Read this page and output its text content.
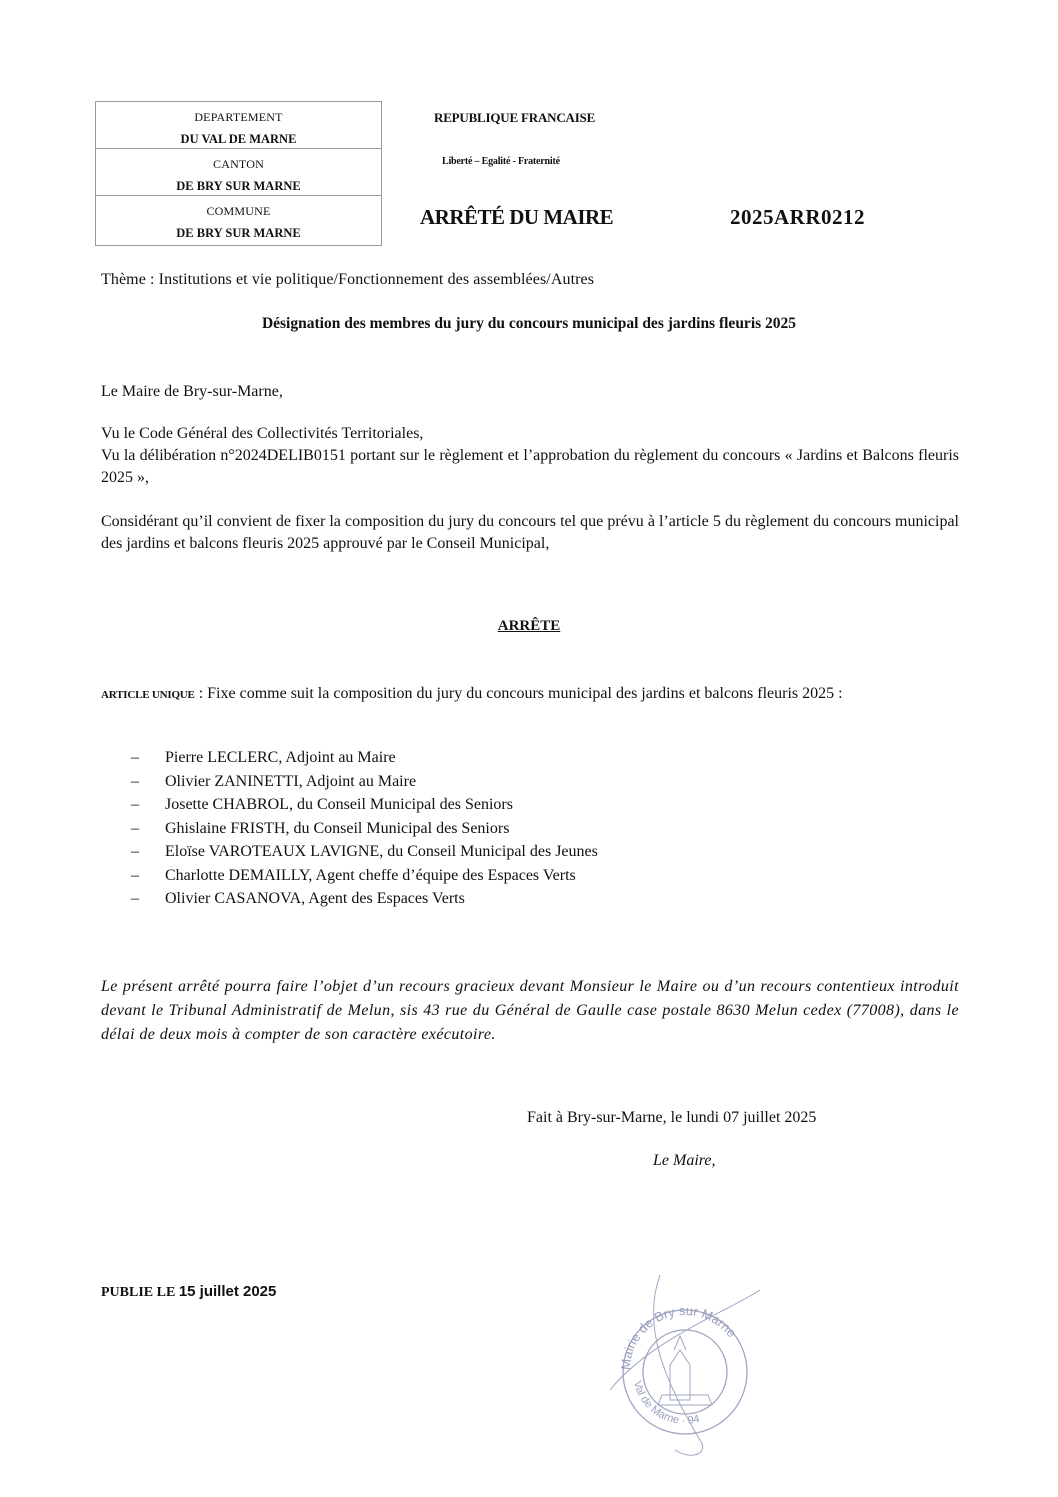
DEPARTEMENT
DU VAL DE MARNE
CANTON
DE BRY SUR MARNE
COMMUNE
DE BRY SUR MARNE
REPUBLIQUE FRANCAISE
Liberté – Egalité - Fraternité
ARRÊTÉ DU MAIRE	2025ARR0212
Thème : Institutions et vie politique/Fonctionnement des assemblées/Autres
Désignation des membres du jury du concours municipal des jardins fleuris 2025
Le Maire de Bry-sur-Marne,
Vu le Code Général des Collectivités Territoriales,
Vu la délibération n°2024DELIB0151 portant sur le règlement et l’approbation du règlement du concours « Jardins et Balcons fleuris 2025 »,
Considérant qu’il convient de fixer la composition du jury du concours tel que prévu à l’article 5 du règlement du concours municipal des jardins et balcons fleuris 2025 approuvé par le Conseil Municipal,
ARRÊTE
ARTICLE UNIQUE : Fixe comme suit la composition du jury du concours municipal des jardins et balcons fleuris 2025 :
– Pierre LECLERC, Adjoint au Maire
– Olivier ZANINETTI, Adjoint au Maire
– Josette CHABROL, du Conseil Municipal des Seniors
– Ghislaine FRISTH, du Conseil Municipal des Seniors
– Eloïse VAROTEAUX LAVIGNE, du Conseil Municipal des Jeunes
– Charlotte DEMAILLY, Agent cheffe d’équipe des Espaces Verts
– Olivier CASANOVA, Agent des Espaces Verts
Le présent arrêté pourra faire l’objet d’un recours gracieux devant Monsieur le Maire ou d’un recours contentieux introduit devant le Tribunal Administratif de Melun, sis 43 rue du Général de Gaulle case postale 8630 Melun cedex (77008), dans le délai de deux mois à compter de son caractère exécutoire.
Fait à Bry-sur-Marne, le lundi 07 juillet 2025
Le Maire,
PUBLIE LE 15 juillet 2025
Mairie de Bry sur Marne
Val de Marne · 94
